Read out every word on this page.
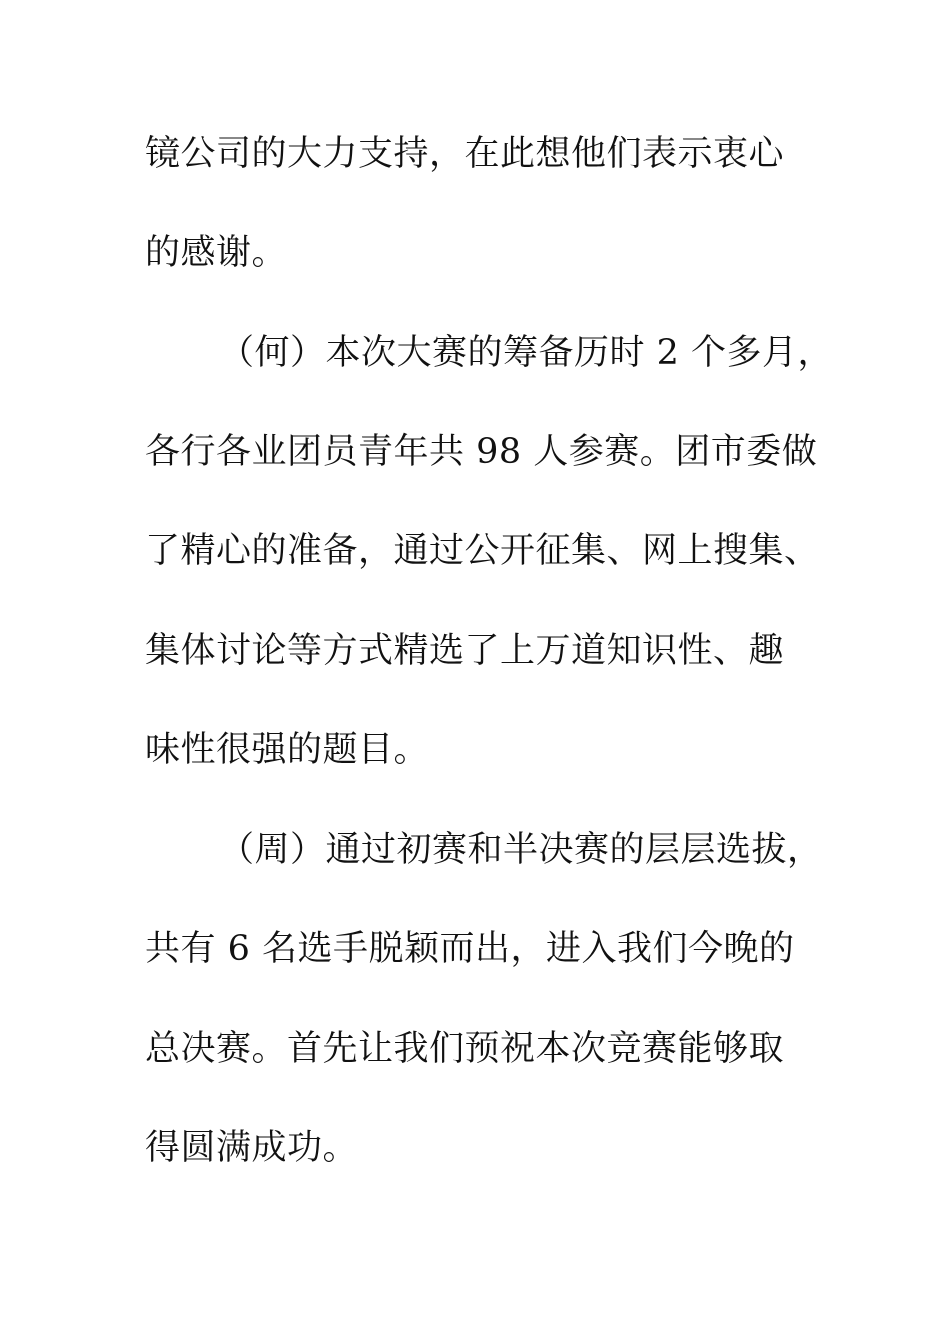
镜公司的大力支持，在此想他们表示衷心
的感谢。
（何）本次大赛的筹备历时 2 个多月，
各行各业团员青年共 98 人参赛。团市委做
了精心的准备，通过公开征集、网上搜集、
集体讨论等方式精选了上万道知识性、趣
味性很强的题目。
（周）通过初赛和半决赛的层层选拔，
共有 6 名选手脱颖而出，进入我们今晚的
总决赛。首先让我们预祝本次竞赛能够取
得圆满成功。
